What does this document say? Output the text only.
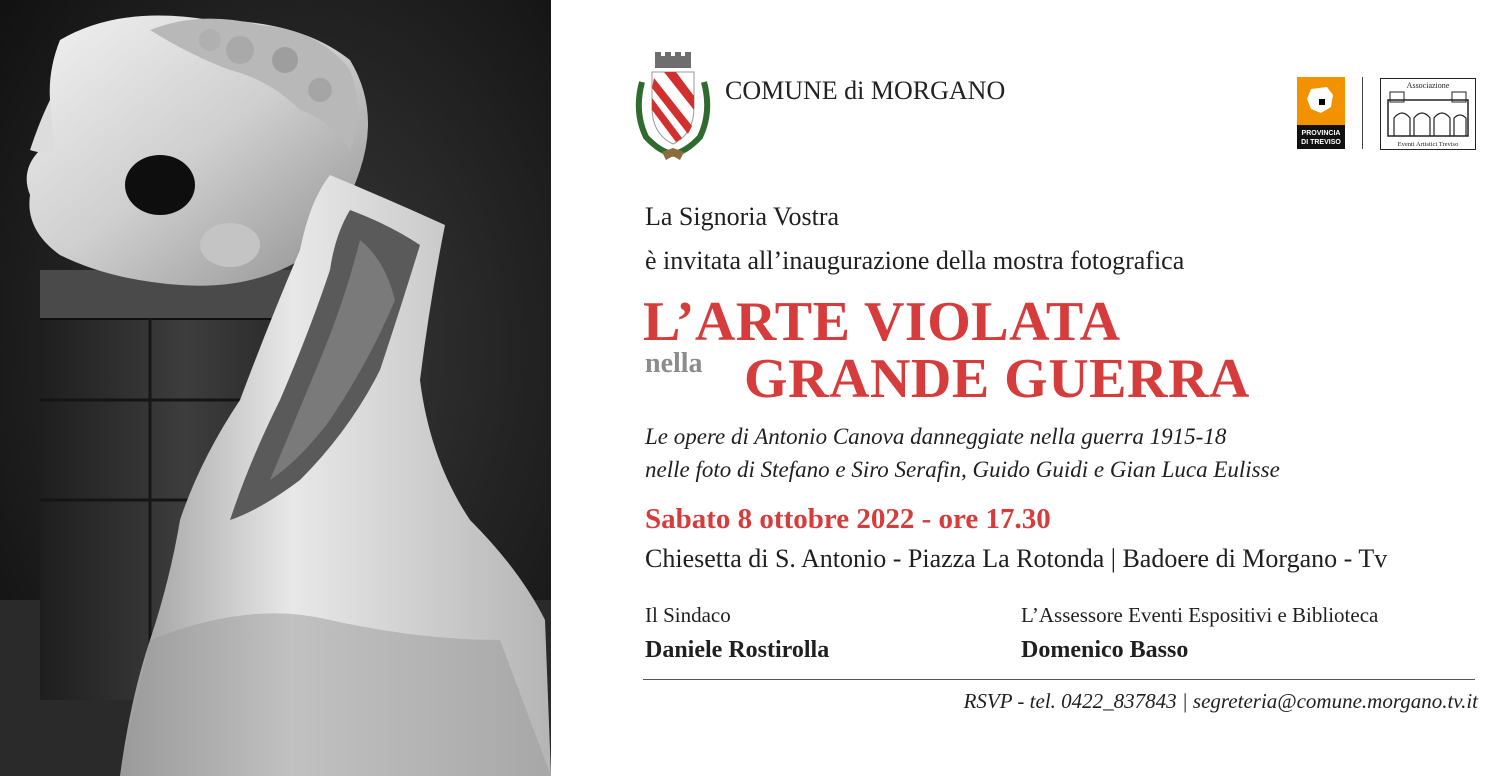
COMUNE di MORGANO
PROVINCIA
DI TREVISO
Associazione
Eventi Artistici Treviso
La Signoria Vostra
è invitata all’inaugurazione della mostra fotografica
L’ARTE VIOLATA
nella GRANDE GUERRA
Le opere di Antonio Canova danneggiate nella guerra 1915-18
nelle foto di Stefano e Siro Serafin, Guido Guidi e Gian Luca Eulisse
Sabato 8 ottobre 2022 - ore 17.30
Chiesetta di S. Antonio - Piazza La Rotonda | Badoere di Morgano - Tv
Il Sindaco
Daniele Rostirolla
L’Assessore Eventi Espositivi e Biblioteca
Domenico Basso
RSVP - tel. 0422_837843 | segreteria@comune.morgano.tv.it
